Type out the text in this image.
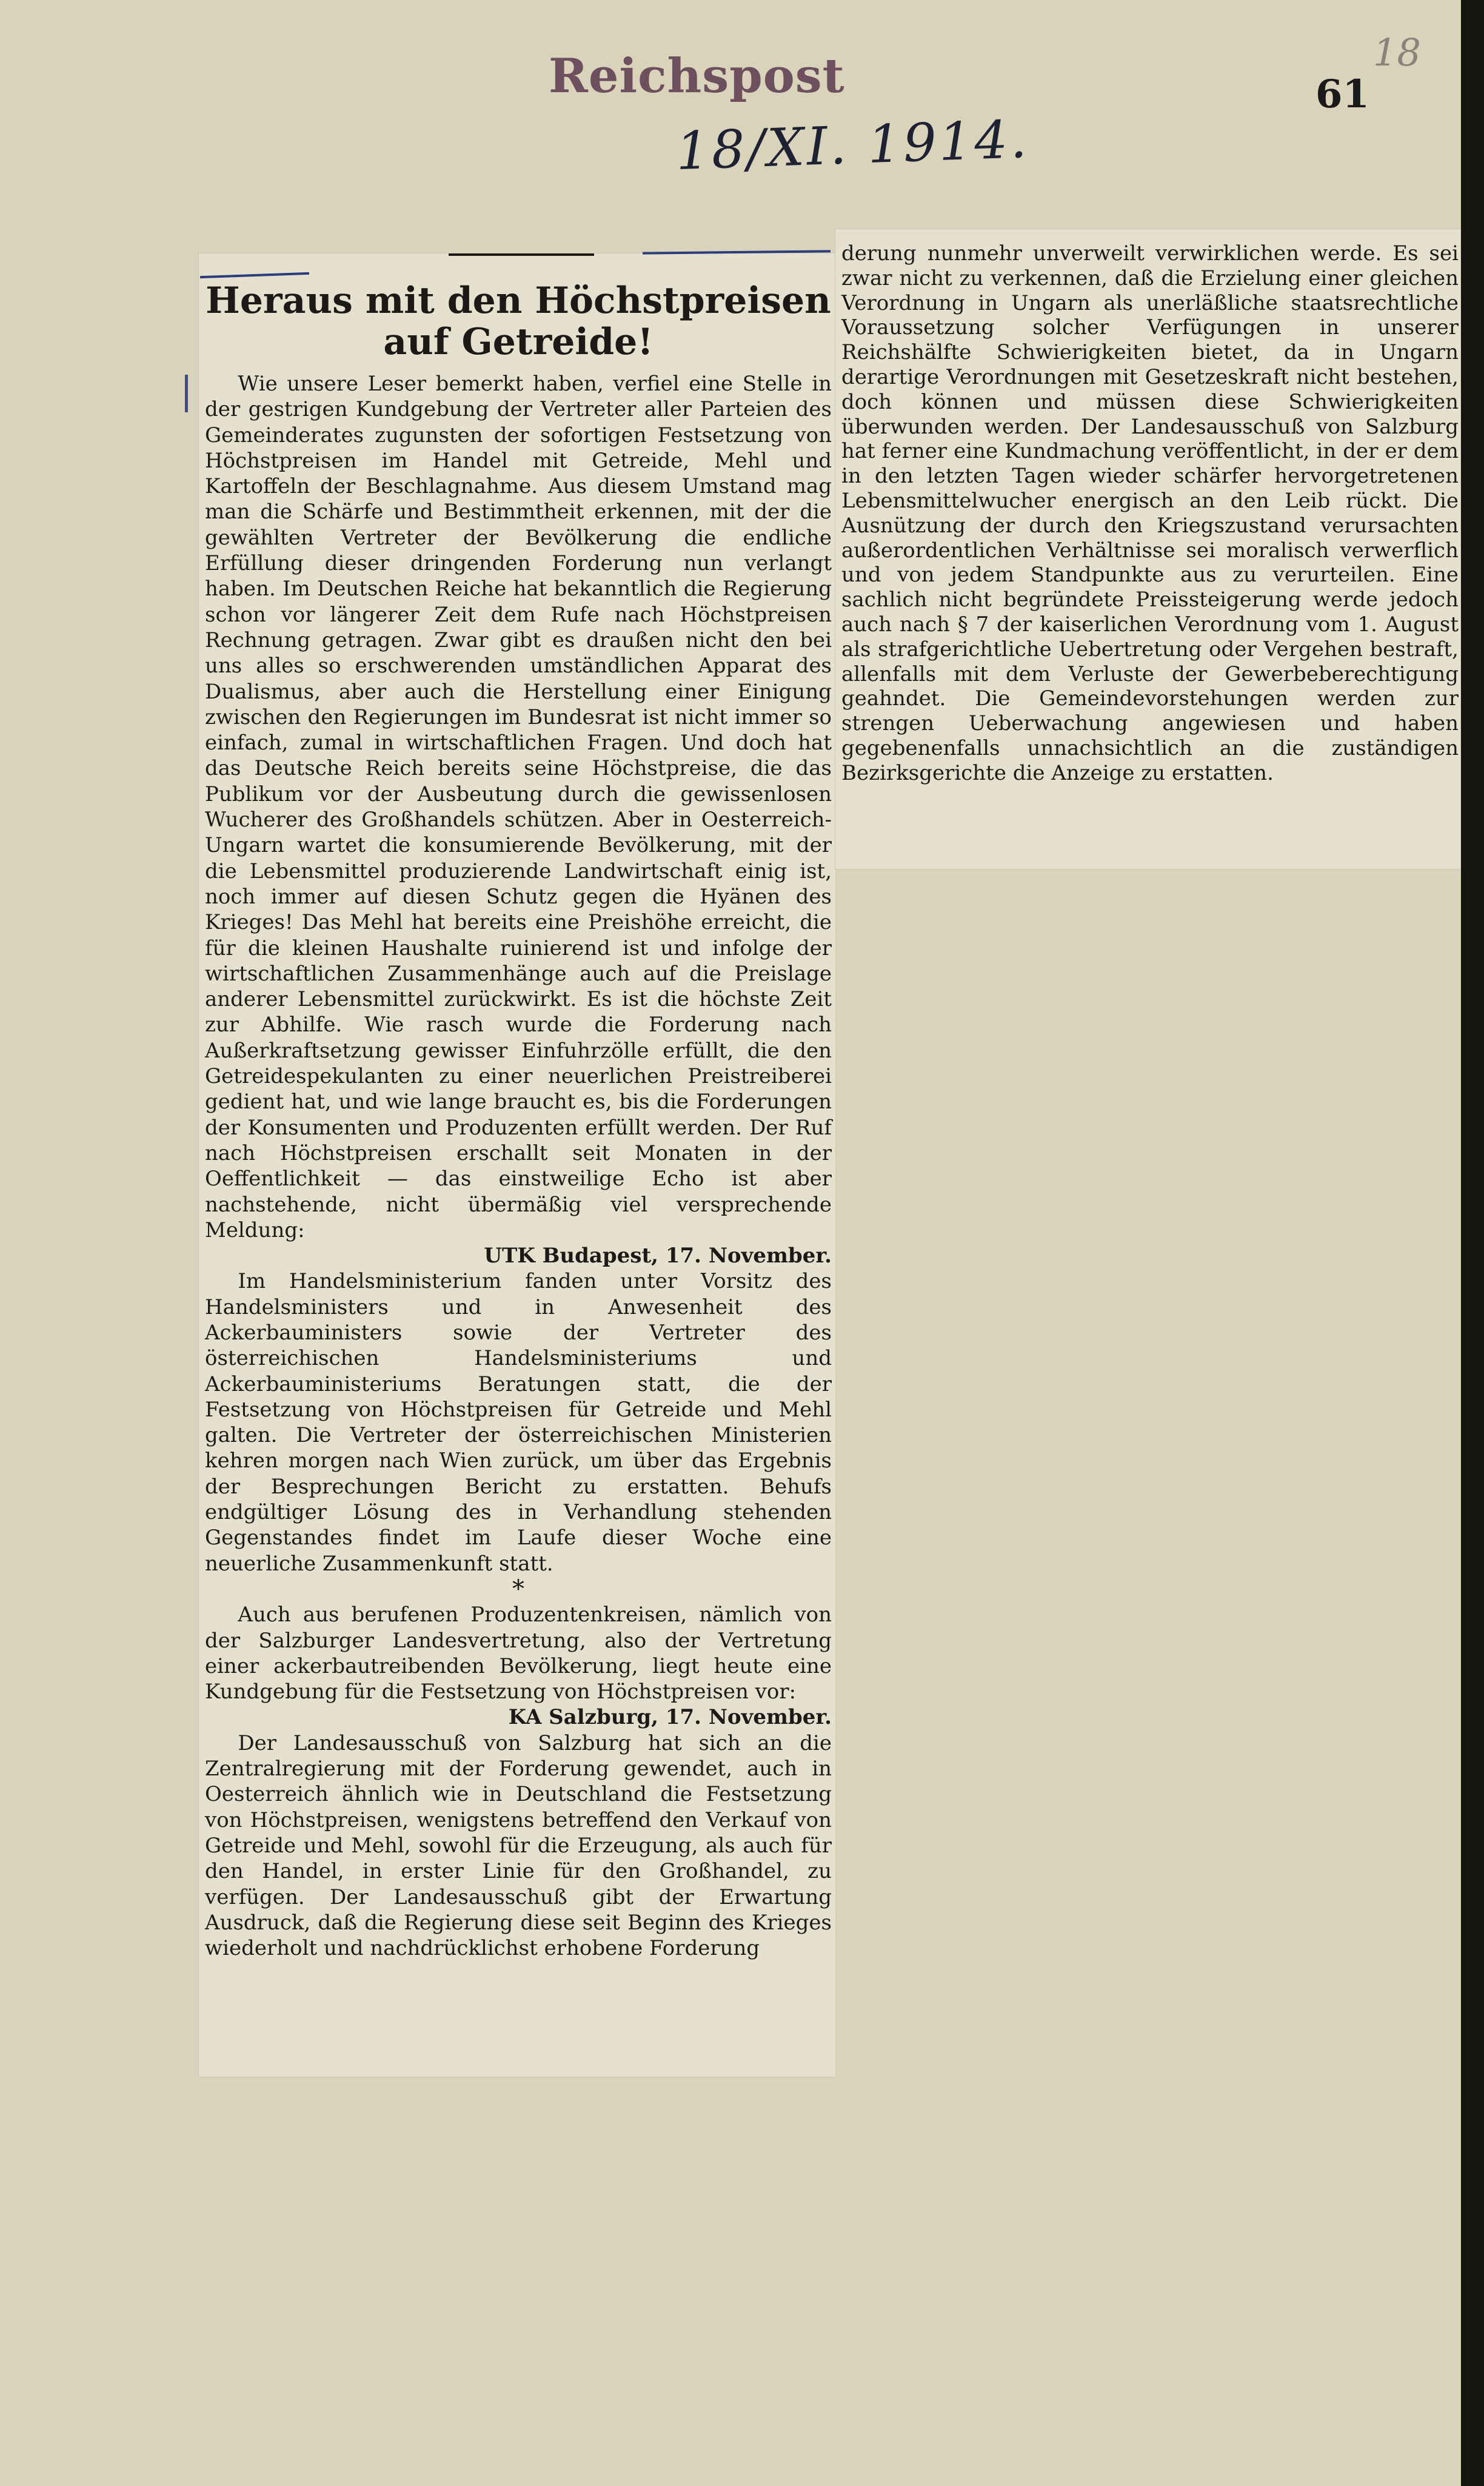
Reichspost
18/XI. 1914.
61
18
Heraus mit den Höchstpreisen auf Getreide!

Wie unsere Leser bemerkt haben, verfiel eine Stelle in der gestrigen Kundgebung der Vertreter aller Parteien des Gemeinderates zugunsten der sofortigen Festsetzung von Höchstpreisen im Handel mit Getreide, Mehl und Kartoffeln der Beschlagnahme. Aus diesem Umstand mag man die Schärfe und Bestimmtheit erkennen, mit der die gewählten Vertreter der Bevölkerung die endliche Erfüllung dieser dringenden Forderung nun verlangt haben. Im Deutschen Reiche hat bekanntlich die Regierung schon vor längerer Zeit dem Rufe nach Höchstpreisen Rechnung getragen. Zwar gibt es draußen nicht den bei uns alles so erschwerenden umständlichen Apparat des Dualismus, aber auch die Herstellung einer Einigung zwischen den Regierungen im Bundesrat ist nicht immer so einfach, zumal in wirtschaftlichen Fragen. Und doch hat das Deutsche Reich bereits seine Höchstpreise, die das Publikum vor der Ausbeutung durch die gewissenlosen Wucherer des Großhandels schützen. Aber in Oesterreich-Ungarn wartet die konsumierende Bevölkerung, mit der die Lebensmittel produzierende Landwirtschaft einig ist, noch immer auf diesen Schutz gegen die Hyänen des Krieges! Das Mehl hat bereits eine Preishöhe erreicht, die für die kleinen Haushalte ruinierend ist und infolge der wirtschaftlichen Zusammenhänge auch auf die Preislage anderer Lebensmittel zurückwirkt. Es ist die höchste Zeit zur Abhilfe. Wie rasch wurde die Forderung nach Außerkraftsetzung gewisser Einfuhrzölle erfüllt, die den Getreidespekulanten zu einer neuerlichen Preistreiberei gedient hat, und wie lange braucht es, bis die Forderungen der Konsumenten und Produzenten erfüllt werden. Der Ruf nach Höchstpreisen erschallt seit Monaten in der Oeffentlichkeit — das einstweilige Echo ist aber nachstehende, nicht übermäßig viel versprechende Meldung:

UTK Budapest, 17. November.

Im Handelsministerium fanden unter Vorsitz des Handelsministers und in Anwesenheit des Ackerbauministers sowie der Vertreter des österreichischen Handelsministeriums und Ackerbauministeriums Beratungen statt, die der Festsetzung von Höchstpreisen für Getreide und Mehl galten. Die Vertreter der österreichischen Ministerien kehren morgen nach Wien zurück, um über das Ergebnis der Besprechungen Bericht zu erstatten. Behufs endgültiger Lösung des in Verhandlung stehenden Gegenstandes findet im Laufe dieser Woche eine neuerliche Zusammenkunft statt.

*

Auch aus berufenen Produzentenkreisen, nämlich von der Salzburger Landesvertretung, also der Vertretung einer ackerbautreibenden Bevölkerung, liegt heute eine Kundgebung für die Festsetzung von Höchstpreisen vor:

KA Salzburg, 17. November.

Der Landesausschuß von Salzburg hat sich an die Zentralregierung mit der Forderung gewendet, auch in Oesterreich ähnlich wie in Deutschland die Festsetzung von Höchstpreisen, wenigstens betreffend den Verkauf von Getreide und Mehl, sowohl für die Erzeugung, als auch für den Handel, in erster Linie für den Großhandel, zu verfügen. Der Landesausschuß gibt der Erwartung Ausdruck, daß die Regierung diese seit Beginn des Krieges wiederholt und nachdrücklichst erhobene Forderung

derung nunmehr unverweilt verwirklichen werde. Es sei zwar nicht zu verkennen, daß die Erzielung einer gleichen Verordnung in Ungarn als unerläßliche staatsrechtliche Voraussetzung solcher Verfügungen in unserer Reichshälfte Schwierigkeiten bietet, da in Ungarn derartige Verordnungen mit Gesetzeskraft nicht bestehen, doch können und müssen diese Schwierigkeiten überwunden werden. Der Landesausschuß von Salzburg hat ferner eine Kundmachung veröffentlicht, in der er dem in den letzten Tagen wieder schärfer hervorgetretenen Lebensmittelwucher energisch an den Leib rückt. Die Ausnützung der durch den Kriegszustand verursachten außerordentlichen Verhältnisse sei moralisch verwerflich und von jedem Standpunkte aus zu verurteilen. Eine sachlich nicht begründete Preissteigerung werde jedoch auch nach § 7 der kaiserlichen Verordnung vom 1. August als strafgerichtliche Uebertretung oder Vergehen bestraft, allenfalls mit dem Verluste der Gewerbeberechtigung geahndet. Die Gemeindevorstehungen werden zur strengen Ueberwachung angewiesen und haben gegebenenfalls unnachsichtlich an die zuständigen Bezirksgerichte die Anzeige zu erstatten.
